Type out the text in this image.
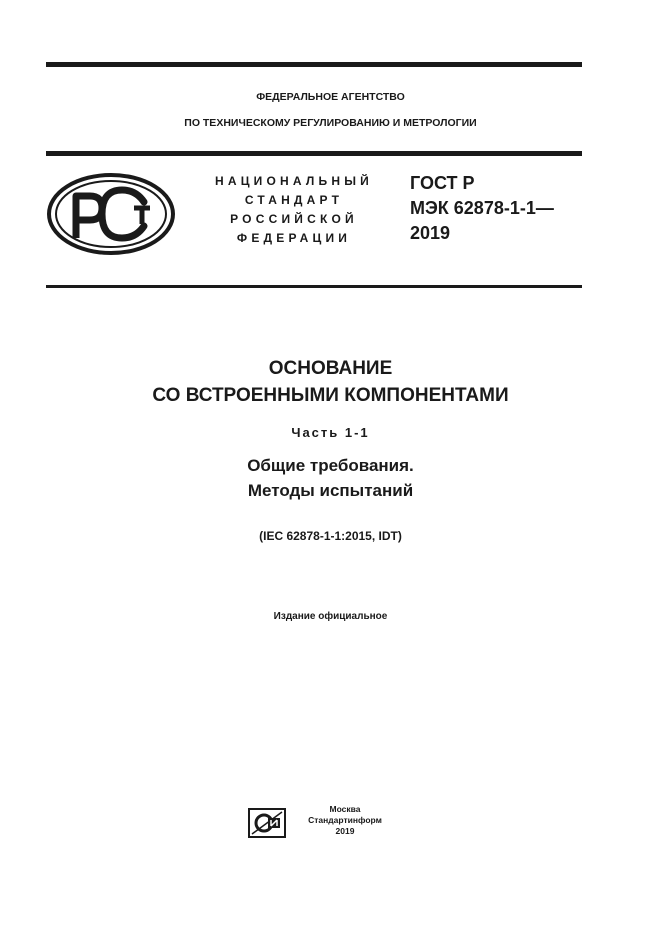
ФЕДЕРАЛЬНОЕ АГЕНТСТВО
ПО ТЕХНИЧЕСКОМУ РЕГУЛИРОВАНИЮ И МЕТРОЛОГИИ
НАЦИОНАЛЬНЫЙ
СТАНДАРТ
РОССИЙСКОЙ
ФЕДЕРАЦИИ
ГОСТ Р
МЭК 62878-1-1—
2019
ОСНОВАНИЕ
СО ВСТРОЕННЫМИ КОМПОНЕНТАМИ
Часть 1-1
Общие требования.
Методы испытаний
(IEC 62878-1-1:2015, IDT)
Издание официальное
Москва
Стандартинформ
2019
